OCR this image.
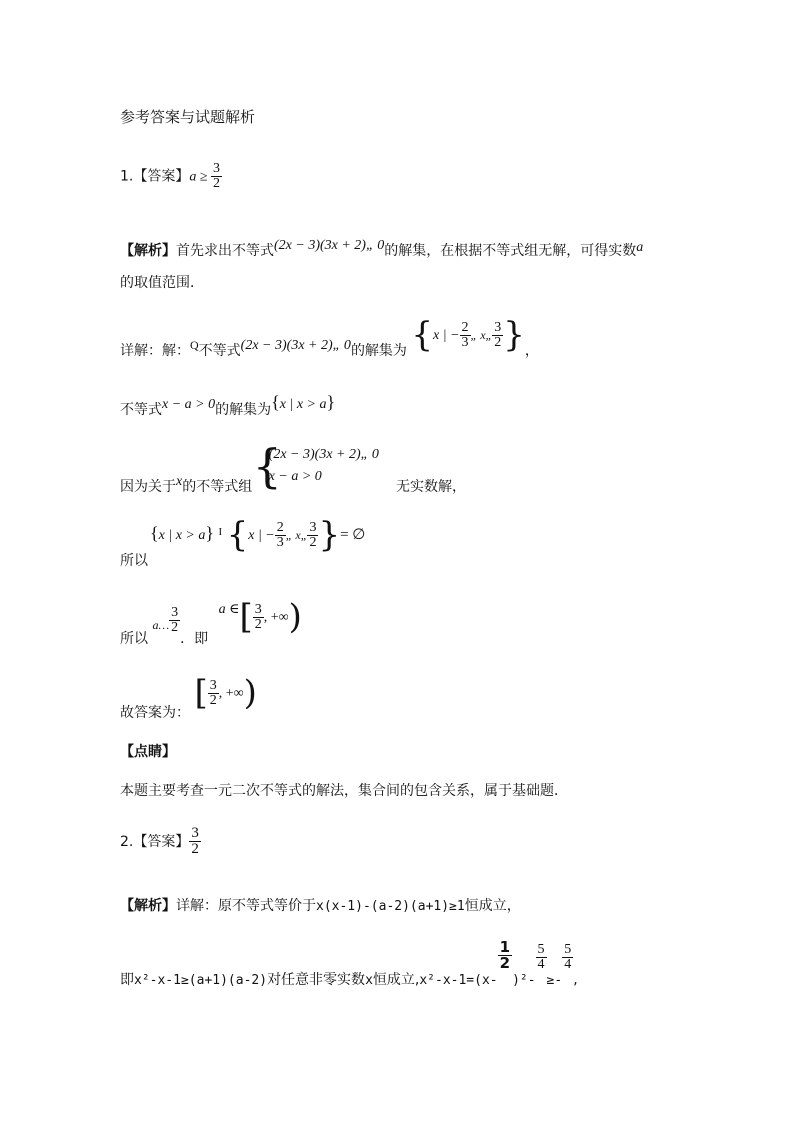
参考答案与试题解析
1.【答案】$a \ge \frac{3}{2}$
【解析】首先求出不等式(2x − 3)(3x + 2)„ 0的解集，在根据不等式组无解，可得实数a
的取值范围．
详解：解：Q不等式(2x − 3)(3x + 2)„ 0的解集为 {x | − $\frac{2}{3}$ „ x„ $\frac{3}{2}$ }，
不等式x − a > 0的解集为{x | x > a}
因为关于x的不等式组 {
(2x − 3)(3x + 2)„ 0
x − a > 0
无实数解，
所以
{x | x > a} $^I$ {x | − $\frac{2}{3}$ „ x„ $\frac{3}{2}$ }= ∅
所以 a… $\frac{3}{2}$
．即 a ∈[ $\frac{3}{2}$ , +∞)
故答案为： [ $\frac{3}{2}$ , +∞)
【点睛】
本题主要考查一元二次不等式的解法，集合间的包含关系，属于基础题．
2.【答案】 $\frac{3}{2}$
【解析】详解：原不等式等价于x(x-1)-(a-2)(a+1)≥1恒成立，
即x²-x-1≥(a+1)(a-2)对任意非零实数x恒成立,x²-x-1=(x-
$\frac{1}{2}$
)²-
$\frac{5}{4}$
≥-
$\frac{5}{4}$
,
